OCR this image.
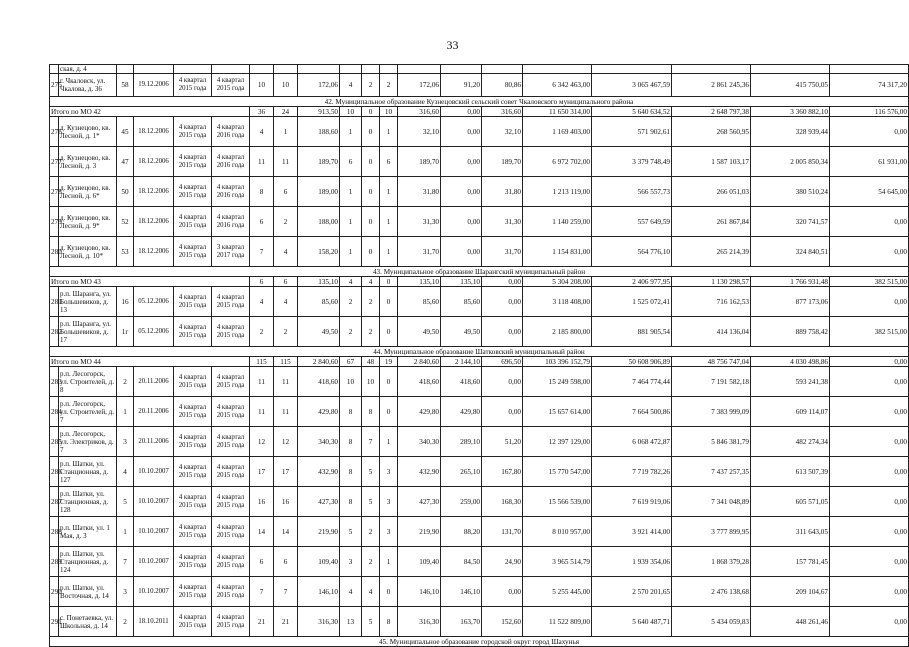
33
	ская, д. 4																		
275	г. Чкаловск, ул. Чкалова, д. 36	58	19.12.2006	4 квартал 2015 года	4 квартал 2015 года	10	10	172,06	4	2	2	172,06	91,20	80,86	6 342 463,00	3 065 467,59	2 861 245,36	415 750,05	74 317,20
42. Муниципальное образование Кузнецовский сельский совет Чкаловского муниципального района																			
Итого по МО 42						36	24	913,50	10	0	10	316,60	0,00	316,60	11 650 314,00	5 640 634,52	2 648 797,38	3 360 882,10	116 576,00
276	д. Кузнецово, кв. Лесной, д. 1*	45	18.12.2006	4 квартал 2015 года	4 квартал 2016 года	4	1	188,60	1	0	1	32,10	0,00	32,10	1 169 403,00	571 902,61	268 560,95	328 939,44	0,00
277	д. Кузнецово, кв. Лесной, д. 3	47	18.12.2006	4 квартал 2015 года	4 квартал 2016 года	11	11	189,70	6	0	6	189,70	0,00	189,70	6 972 702,00	3 379 748,49	1 587 103,17	2 005 850,34	61 931,00
278	д. Кузнецово, кв. Лесной, д. 6*	50	18.12.2006	4 квартал 2015 года	4 квартал 2016 года	8	6	189,00	1	0	1	31,80	0,00	31,80	1 213 119,00	566 557,73	266 051,03	380 510,24	54 645,00
279	д. Кузнецово, кв. Лесной, д. 9*	52	18.12.2006	4 квартал 2015 года	4 квартал 2016 года	6	2	188,00	1	0	1	31,30	0,00	31,30	1 140 259,00	557 649,59	261 867,84	320 741,57	0,00
280	д. Кузнецово, кв. Лесной, д. 10*	53	18.12.2006	4 квартал 2015 года	3 квартал 2017 года	7	4	158,20	1	0	1	31,70	0,00	31,70	1 154 831,00	564 776,10	265 214,39	324 840,51	0,00
43. Муниципальное образование Шарангский муниципальный район																			
Итого по МО 43						6	6	135,10	4	4	0	135,10	135,10	0,00	5 304 208,00	2 406 977,95	1 130 298,57	1 766 931,48	382 515,00
281	р.п. Шаранга, ул. Большевиков, д. 13	16	05.12.2006	4 квартал 2015 года	4 квартал 2015 года	4	4	85,60	2	2	0	85,60	85,60	0,00	3 118 408,00	1 525 072,41	716 162,53	877 173,06	0,00
282	р.п. Шаранга, ул. Большевиков, д. 17	1г	05.12.2006	4 квартал 2015 года	4 квартал 2015 года	2	2	49,50	2	2	0	49,50	49,50	0,00	2 185 800,00	881 905,54	414 136,04	889 758,42	382 515,00
44. Муниципальное образование Шатковский муниципальный район																			
Итого по МО 44						115	115	2 840,60	67	48	19	2 840,60	2 144,10	696,50	103 396 152,79	50 608 906,89	48 756 747,04	4 030 498,86	0,00
283	р.п. Лесогорск, ул. Строителей, д. 8	2	20.11.2006	4 квартал 2015 года	4 квартал 2015 года	11	11	418,60	10	10	0	418,60	418,60	0,00	15 249 598,00	7 464 774,44	7 191 582,18	593 241,38	0,00
284	р.п. Лесогорск, ул. Строителей, д. 7	1	20.11.2006	4 квартал 2015 года	4 квартал 2015 года	11	11	429,80	8	8	0	429,80	429,80	0,00	15 657 614,00	7 664 500,86	7 383 999,09	609 114,07	0,00
285	р.п. Лесогорск, ул. Электриков, д. 7	3	20.11.2006	4 квартал 2015 года	4 квартал 2015 года	12	12	340,30	8	7	1	340,30	289,10	51,20	12 397 129,00	6 068 472,87	5 846 381,79	482 274,34	0,00
286	р.п. Шатки, ул. Станционная, д. 127	4	10.10.2007	4 квартал 2015 года	4 квартал 2015 года	17	17	432,90	8	5	3	432,90	265,10	167,80	15 770 547,00	7 719 782,26	7 437 257,35	613 507,39	0,00
287	р.п. Шатки, ул. Станционная, д. 128	5	10.10.2007	4 квартал 2015 года	4 квартал 2015 года	16	16	427,30	8	5	3	427,30	259,00	168,30	15 566 539,00	7 619 919,06	7 341 048,89	605 571,05	0,00
288	р.п. Шатки, ул. 1 Мая, д. 3	1	10.10.2007	4 квартал 2015 года	4 квартал 2015 года	14	14	219,90	5	2	3	219,90	88,20	131,70	8 010 957,00	3 921 414,00	3 777 899,95	311 643,05	0,00
289	р.п. Шатки, ул. Станционная, д. 124	7	10.10.2007	4 квартал 2015 года	4 квартал 2015 года	6	6	109,40	3	2	1	109,40	84,50	24,90	3 965 514,79	1 939 354,06	1 868 379,28	157 781,45	0,00
290	р.п. Шатки, ул. Восточная, д. 14	3	10.10.2007	4 квартал 2015 года	4 квартал 2015 года	7	7	146,10	4	4	0	146,10	146,10	0,00	5 255 445,00	2 570 201,65	2 476 138,68	209 104,67	0,00
291	с. Понетаевка, ул. Школьная, д. 14	2	18.10.2011	4 квартал 2015 года	4 квартал 2015 года	21	21	316,30	13	5	8	316,30	163,70	152,60	11 522 809,00	5 640 487,71	5 434 059,83	448 261,46	0,00
45. Муниципальное образование городской округ город Шахунья																			
